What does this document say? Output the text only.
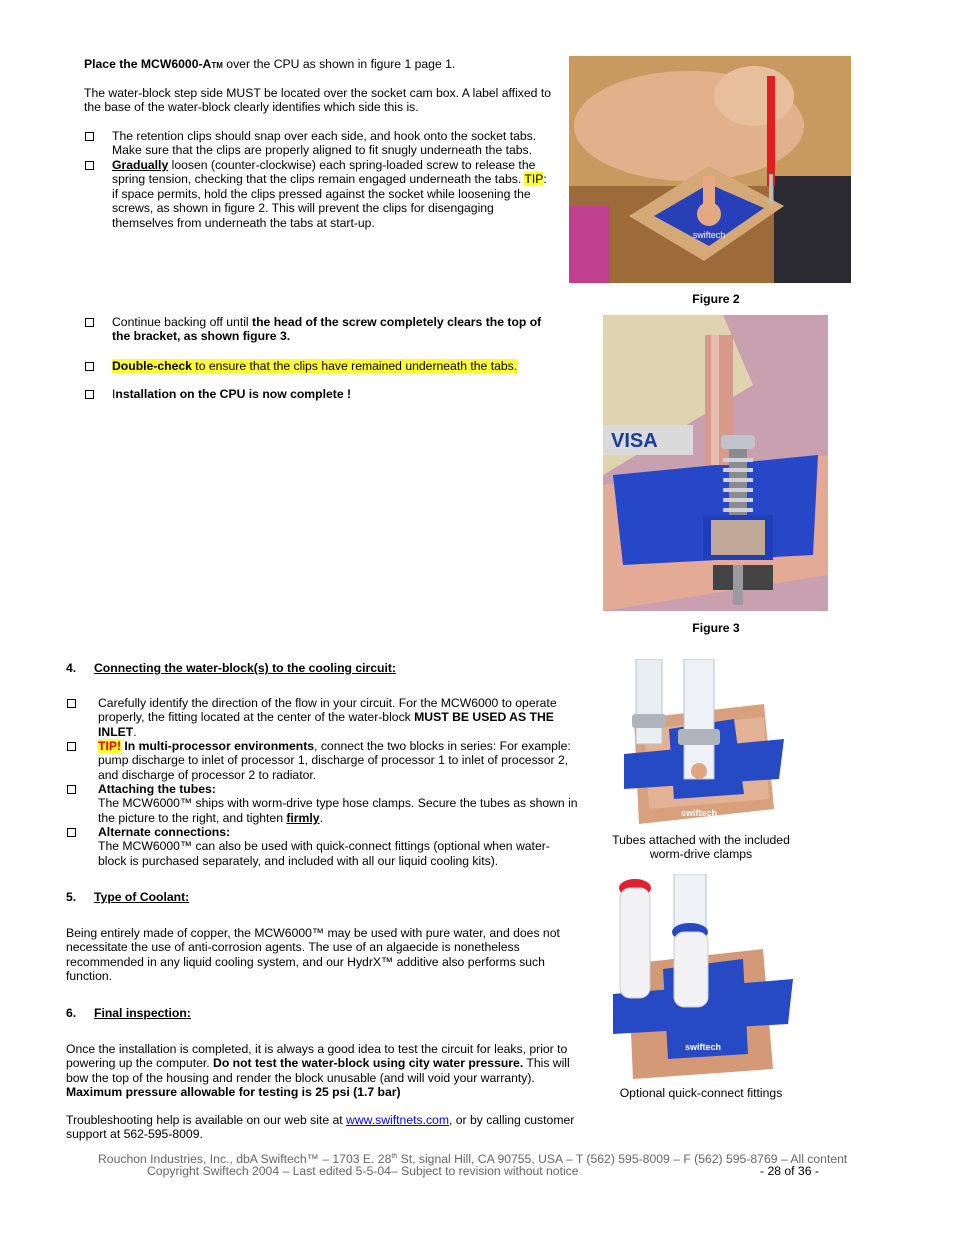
Place the MCW6000-ATM over the CPU as shown in figure 1 page 1.

The water-block step side MUST be located over the socket cam box. A label affixed to the base of the water-block clearly identifies which side this is.

The retention clips should snap over each side, and hook onto the socket tabs. Make sure that the clips are properly aligned to fit snugly underneath the tabs.

Gradually loosen (counter-clockwise) each spring-loaded screw to release the spring tension, checking that the clips remain engaged underneath the tabs. TIP: if space permits, hold the clips pressed against the socket while loosening the screws, as shown in figure 2. This will prevent the clips for disengaging themselves from underneath the tabs at start-up.

swiftech

Figure 2

Continue backing off until the head of the screw completely clears the top of the bracket, as shown figure 3.

Double-check to ensure that the clips have remained underneath the tabs.

Installation on the CPU is now complete !

VISA

Figure 3

4. Connecting the water-block(s) to the cooling circuit:

Carefully identify the direction of the flow in your circuit. For the MCW6000 to operate properly, the fitting located at the center of the water-block MUST BE USED AS THE INLET.

TIP! In multi-processor environments, connect the two blocks in series: For example: pump discharge to inlet of processor 1, discharge of processor 1 to inlet of processor 2, and discharge of processor 2 to radiator.

Attaching the tubes:
The MCW6000™ ships with worm-drive type hose clamps. Secure the tubes as shown in the picture to the right, and tighten firmly.

Alternate connections:
The MCW6000™ can also be used with quick-connect fittings (optional when water-block is purchased separately, and included with all our liquid cooling kits).

swiftech

Tubes attached with the included
worm-drive clamps

5. Type of Coolant:

Being entirely made of copper, the MCW6000™ may be used with pure water, and does not necessitate the use of anti-corrosion agents. The use of an algaecide is nonetheless recommended in any liquid cooling system, and our HydrX™ additive also performs such function.

swiftech

Optional quick-connect fittings

6. Final inspection:

Once the installation is completed, it is always a good idea to test the circuit for leaks, prior to powering up the computer. Do not test the water-block using city water pressure. This will bow the top of the housing and render the block unusable (and will void your warranty).
Maximum pressure allowable for testing is 25 psi (1.7 bar)

Troubleshooting help is available on our web site at www.swiftnets.com, or by calling customer support at 562-595-8009.

Rouchon Industries, Inc., dbA Swiftech™ – 1703 E. 28th St, signal Hill, CA 90755, USA – T (562) 595-8009 – F (562) 595-8769 – All content

Copyright Swiftech 2004 – Last edited 5-5-04– Subject to revision without notice	- 28 of 36 -
